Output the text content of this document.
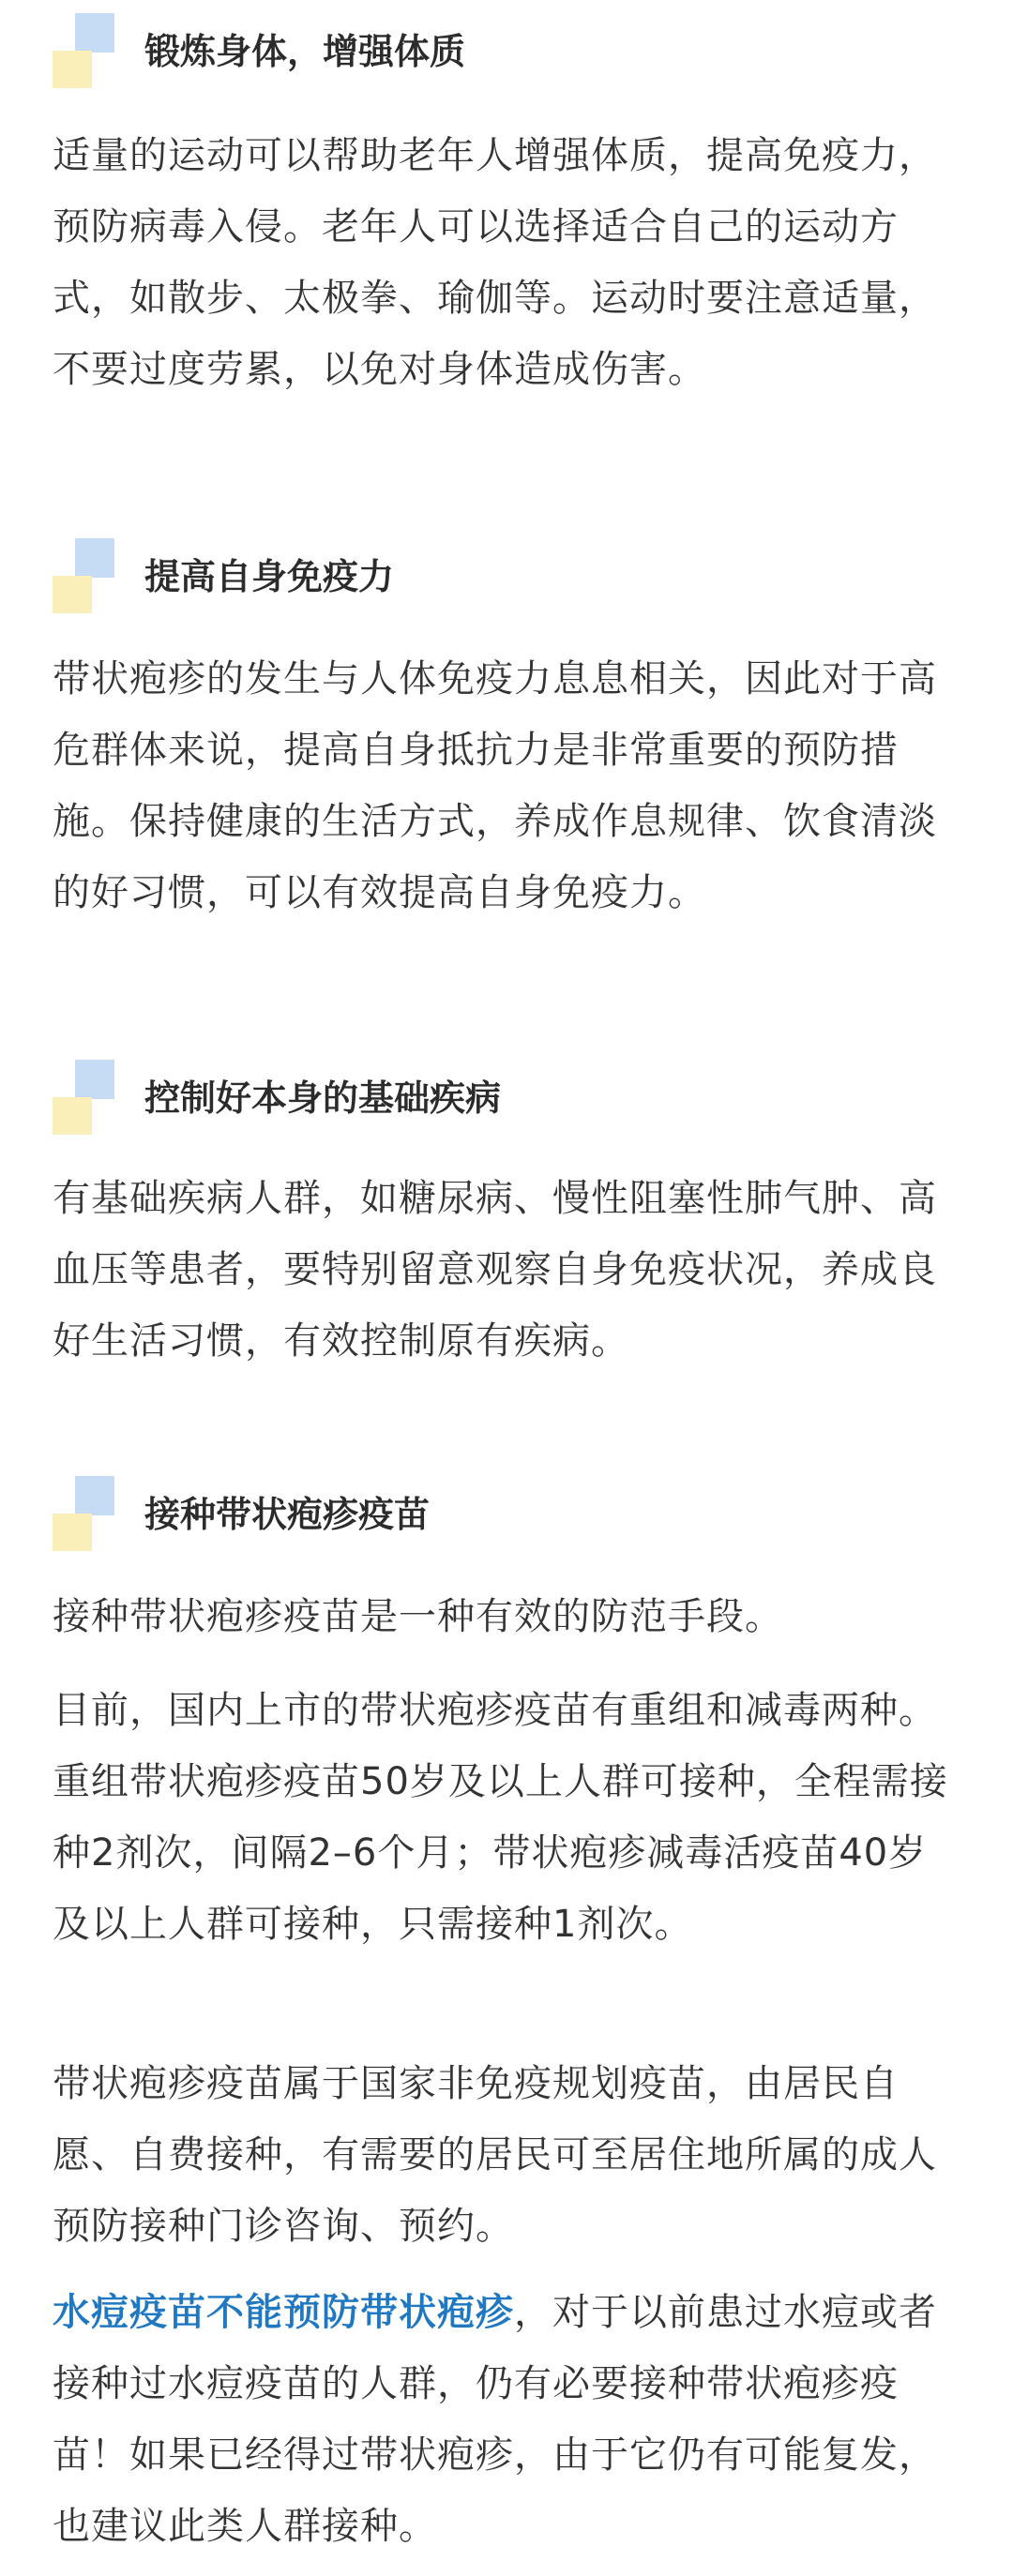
锻炼身体，增强体质

适量的运动可以帮助老年人增强体质，提高免疫力，预防病毒入侵。老年人可以选择适合自己的运动方式，如散步、太极拳、瑜伽等。运动时要注意适量，不要过度劳累，以免对身体造成伤害。

提高自身免疫力

带状疱疹的发生与人体免疫力息息相关，因此对于高危群体来说，提高自身抵抗力是非常重要的预防措施。保持健康的生活方式，养成作息规律、饮食清淡的好习惯，可以有效提高自身免疫力。

控制好本身的基础疾病

有基础疾病人群，如糖尿病、慢性阻塞性肺气肿、高血压等患者，要特别留意观察自身免疫状况，养成良好生活习惯，有效控制原有疾病。

接种带状疱疹疫苗

接种带状疱疹疫苗是一种有效的防范手段。

目前，国内上市的带状疱疹疫苗有重组和减毒两种。重组带状疱疹疫苗50岁及以上人群可接种，全程需接种2剂次，间隔2–6个月；带状疱疹减毒活疫苗40岁及以上人群可接种，只需接种1剂次。

带状疱疹疫苗属于国家非免疫规划疫苗，由居民自愿、自费接种，有需要的居民可至居住地所属的成人预防接种门诊咨询、预约。

水痘疫苗不能预防带状疱疹，对于以前患过水痘或者接种过水痘疫苗的人群，仍有必要接种带状疱疹疫苗！如果已经得过带状疱疹，由于它仍有可能复发，也建议此类人群接种。
